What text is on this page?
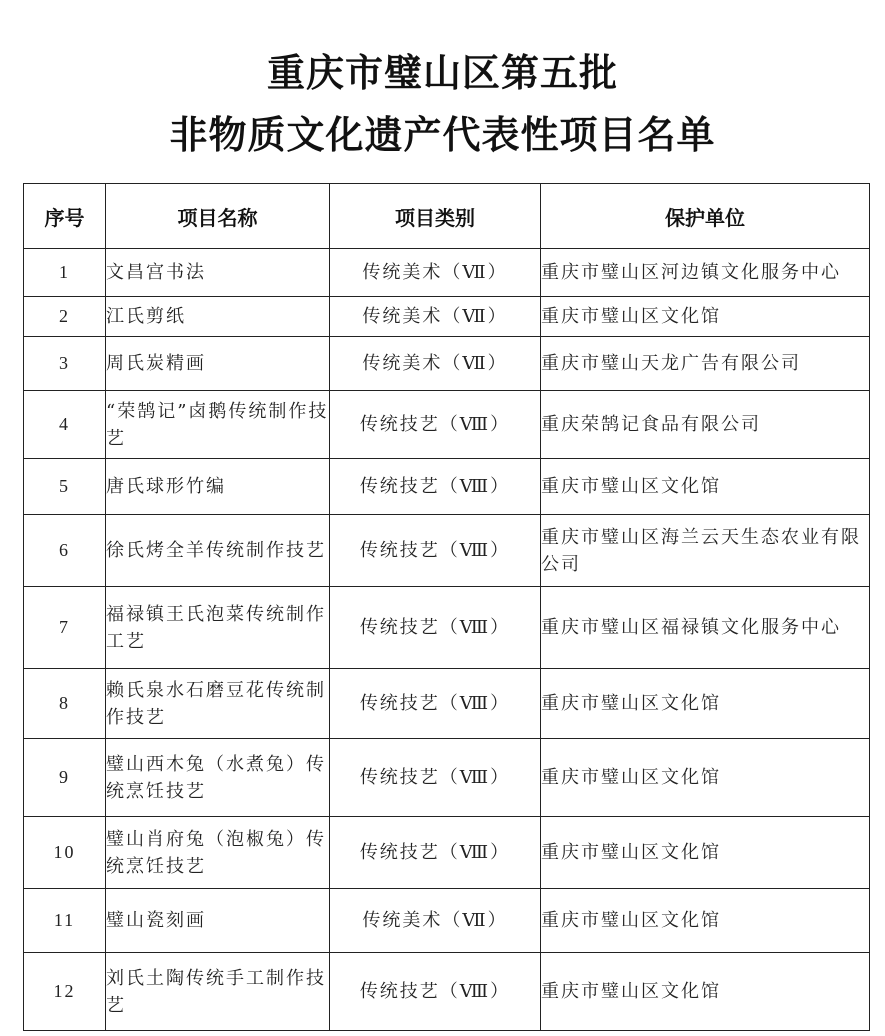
重庆市璧山区第五批
非物质文化遗产代表性项目名单
序号	项目名称	项目类别	保护单位
1	文昌宫书法	传统美术（Ⅶ）	重庆市璧山区河边镇文化服务中心
2	江氏剪纸	传统美术（Ⅶ）	重庆市璧山区文化馆
3	周氏炭精画	传统美术（Ⅶ）	重庆市璧山天龙广告有限公司
4	“荣鹄记”卤鹅传统制作技艺	传统技艺（Ⅷ）	重庆荣鹄记食品有限公司
5	唐氏球形竹编	传统技艺（Ⅷ）	重庆市璧山区文化馆
6	徐氏烤全羊传统制作技艺	传统技艺（Ⅷ）	重庆市璧山区海兰云天生态农业有限公司
7	福禄镇王氏泡菜传统制作工艺	传统技艺（Ⅷ）	重庆市璧山区福禄镇文化服务中心
8	赖氏泉水石磨豆花传统制作技艺	传统技艺（Ⅷ）	重庆市璧山区文化馆
9	璧山西木兔（水煮兔）传统烹饪技艺	传统技艺（Ⅷ）	重庆市璧山区文化馆
10	璧山肖府兔（泡椒兔）传统烹饪技艺	传统技艺（Ⅷ）	重庆市璧山区文化馆
11	璧山瓷刻画	传统美术（Ⅶ）	重庆市璧山区文化馆
12	刘氏土陶传统手工制作技艺	传统技艺（Ⅷ）	重庆市璧山区文化馆
